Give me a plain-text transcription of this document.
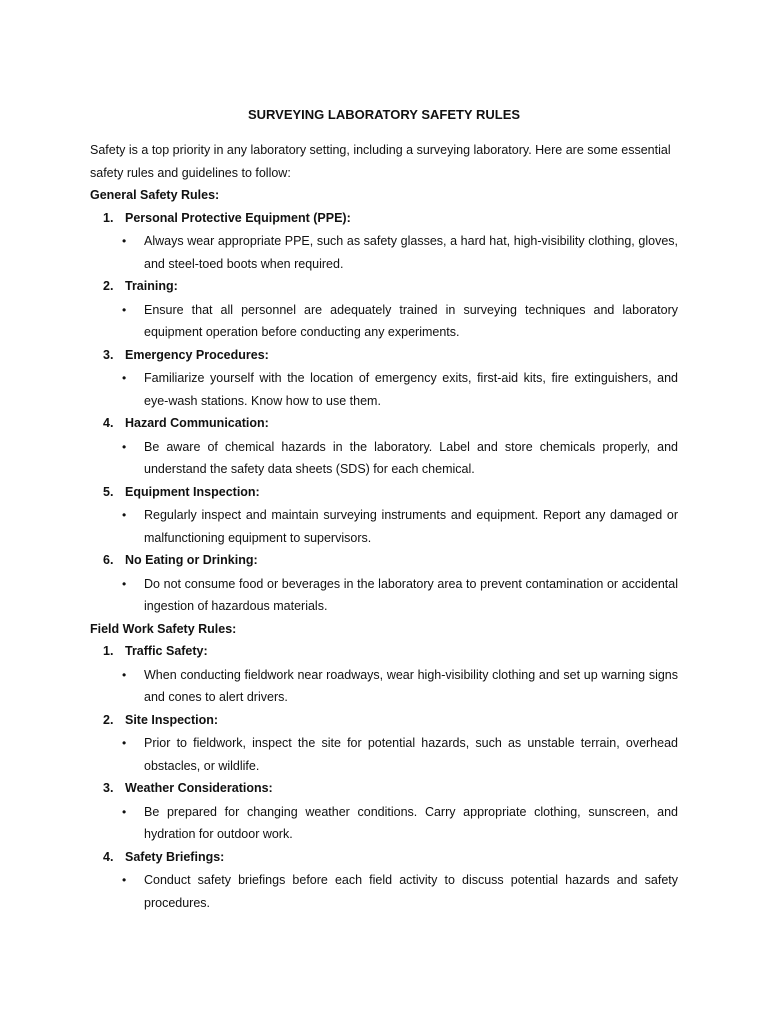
SURVEYING LABORATORY SAFETY RULES

Safety is a top priority in any laboratory setting, including a surveying laboratory. Here are some essential safety rules and guidelines to follow:

General Safety Rules:
1. Personal Protective Equipment (PPE):
• Always wear appropriate PPE, such as safety glasses, a hard hat, high-visibility clothing, gloves, and steel-toed boots when required.
2. Training:
• Ensure that all personnel are adequately trained in surveying techniques and laboratory equipment operation before conducting any experiments.
3. Emergency Procedures:
• Familiarize yourself with the location of emergency exits, first-aid kits, fire extinguishers, and eye-wash stations. Know how to use them.
4. Hazard Communication:
• Be aware of chemical hazards in the laboratory. Label and store chemicals properly, and understand the safety data sheets (SDS) for each chemical.
5. Equipment Inspection:
• Regularly inspect and maintain surveying instruments and equipment. Report any damaged or malfunctioning equipment to supervisors.
6. No Eating or Drinking:
• Do not consume food or beverages in the laboratory area to prevent contamination or accidental ingestion of hazardous materials.
Field Work Safety Rules:
1. Traffic Safety:
• When conducting fieldwork near roadways, wear high-visibility clothing and set up warning signs and cones to alert drivers.
2. Site Inspection:
• Prior to fieldwork, inspect the site for potential hazards, such as unstable terrain, overhead obstacles, or wildlife.
3. Weather Considerations:
• Be prepared for changing weather conditions. Carry appropriate clothing, sunscreen, and hydration for outdoor work.
4. Safety Briefings:
• Conduct safety briefings before each field activity to discuss potential hazards and safety procedures.
